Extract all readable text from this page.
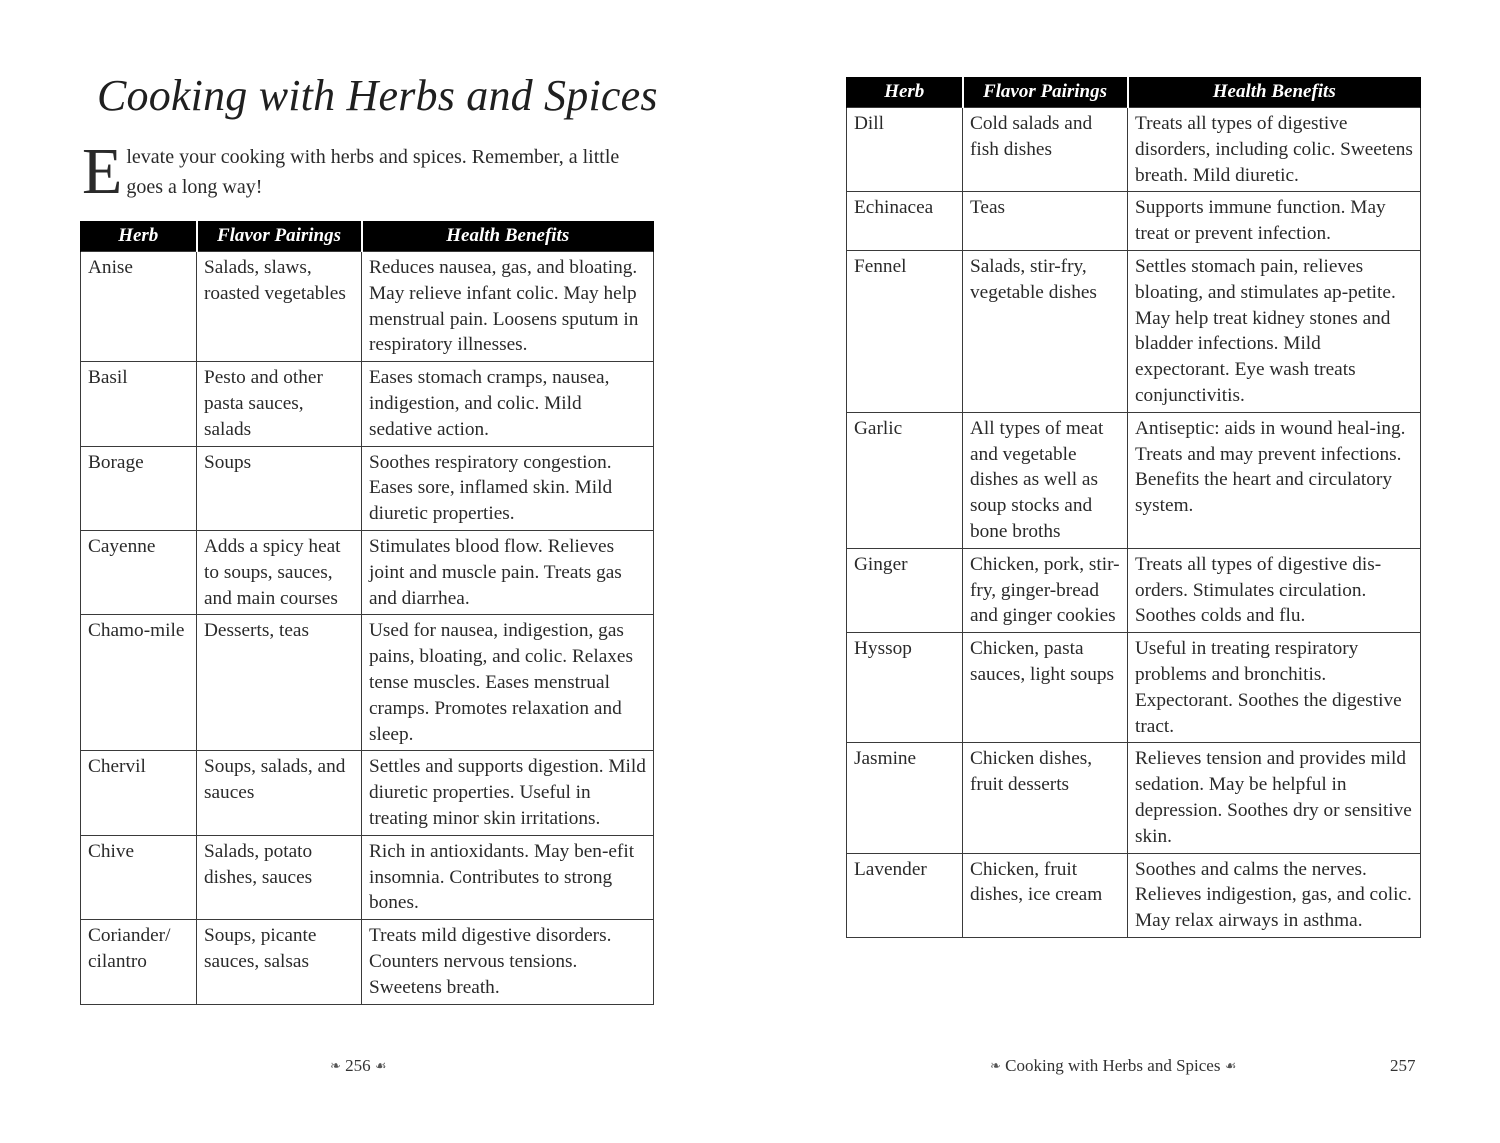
Cooking with Herbs and Spices
E levate your cooking with herbs and spices. Remember, a little goes a long way!
Herb	Flavor Pairings	Health Benefits
Anise	Salads, slaws, roasted vegetables	Reduces nausea, gas, and bloating. May relieve infant colic. May help menstrual pain. Loosens sputum in respiratory illnesses.
Basil	Pesto and other pasta sauces, salads	Eases stomach cramps, nausea, indigestion, and colic. Mild sedative action.
Borage	Soups	Soothes respiratory congestion. Eases sore, inflamed skin. Mild diuretic properties.
Cayenne	Adds a spicy heat to soups, sauces, and main courses	Stimulates blood flow. Relieves joint and muscle pain. Treats gas and diarrhea.
Chamo-mile	Desserts, teas	Used for nausea, indigestion, gas pains, bloating, and colic. Relaxes tense muscles. Eases menstrual cramps. Promotes relaxation and sleep.
Chervil	Soups, salads, and sauces	Settles and supports digestion. Mild diuretic properties. Useful in treating minor skin irritations.
Chive	Salads, potato dishes, sauces	Rich in antioxidants. May ben-efit insomnia. Contributes to strong bones.
Coriander/ cilantro	Soups, picante sauces, salsas	Treats mild digestive disorders. Counters nervous tensions. Sweetens breath.
❧ 256 ☙
Herb	Flavor Pairings	Health Benefits
Dill	Cold salads and fish dishes	Treats all types of digestive disorders, including colic. Sweetens breath. Mild diuretic.
Echinacea	Teas	Supports immune function. May treat or prevent infection.
Fennel	Salads, stir-fry, vegetable dishes	Settles stomach pain, relieves bloating, and stimulates ap-petite. May help treat kidney stones and bladder infections. Mild expectorant. Eye wash treats conjunctivitis.
Garlic	All types of meat and vegetable dishes as well as soup stocks and bone broths	Antiseptic: aids in wound heal-ing. Treats and may prevent infections. Benefits the heart and circulatory system.
Ginger	Chicken, pork, stir-fry, ginger-bread and ginger cookies	Treats all types of digestive dis-orders. Stimulates circulation. Soothes colds and flu.
Hyssop	Chicken, pasta sauces, light soups	Useful in treating respiratory problems and bronchitis. Expectorant. Soothes the digestive tract.
Jasmine	Chicken dishes, fruit desserts	Relieves tension and provides mild sedation. May be helpful in depression. Soothes dry or sensitive skin.
Lavender	Chicken, fruit dishes, ice cream	Soothes and calms the nerves. Relieves indigestion, gas, and colic. May relax airways in asthma.
❧ Cooking with Herbs and Spices ☙	257
